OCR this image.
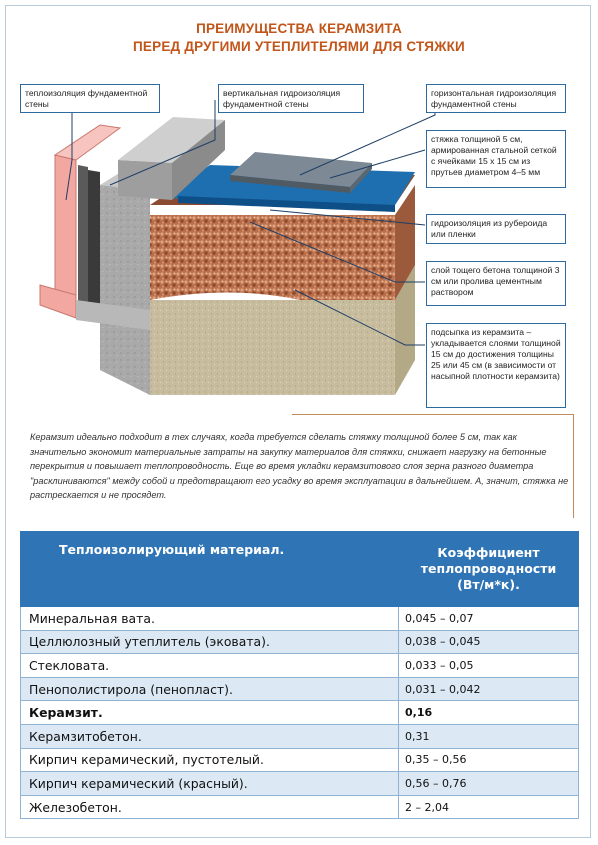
ПРЕИМУЩЕСТВА КЕРАМЗИТА
ПЕРЕД ДРУГИМИ УТЕПЛИТЕЛЯМИ ДЛЯ СТЯЖКИ
теплоизоляция фундаментной стены
вертикальная гидроизоляция фундаментной стены
горизонтальная гидроизоляция фундаментной стены
стяжка толщиной 5 см, армированная стальной сеткой с ячейками 15 х 15 см из прутьев диаметром 4–5 мм
гидроизоляция из рубероида или пленки
слой тощего бетона толщиной 3 см или пролива цементным раствором
подсыпка из керамзита – укладывается слоями толщиной 15 см до достижения толщины 25 или 45 см (в зависимости от насыпной плотности керамзита)
Керамзит идеально подходит в тех случаях, когда требуется сделать стяжку толщиной более 5 см, так как значительно экономит материальные затраты на закупку материалов для стяжки, снижает нагрузку на бетонные перекрытия и повышает теплопроводность. Еще во время укладки керамзитового слоя зерна разного диаметра "расклиниваются" между собой и предотвращают его усадку во время эксплуатации в дальнейшем. А, значит, стяжка не растрескается и не просядет.
Теплоизолирующий материал.	Коэффициент
теплопроводности
(Вт/м*к).

Минеральная вата.	0,045 – 0,07
Целлюлозный утеплитель (эковата).	0,038 – 0,045
Стекловата.	0,033 – 0,05
Пенополистирола (пенопласт).	0,031 – 0,042
Керамзит.	0,16
Керамзитобетон.	0,31
Кирпич керамический, пустотелый.	0,35 – 0,56
Кирпич керамический (красный).	0,56 – 0,76
Железобетон.	2 – 2,04
